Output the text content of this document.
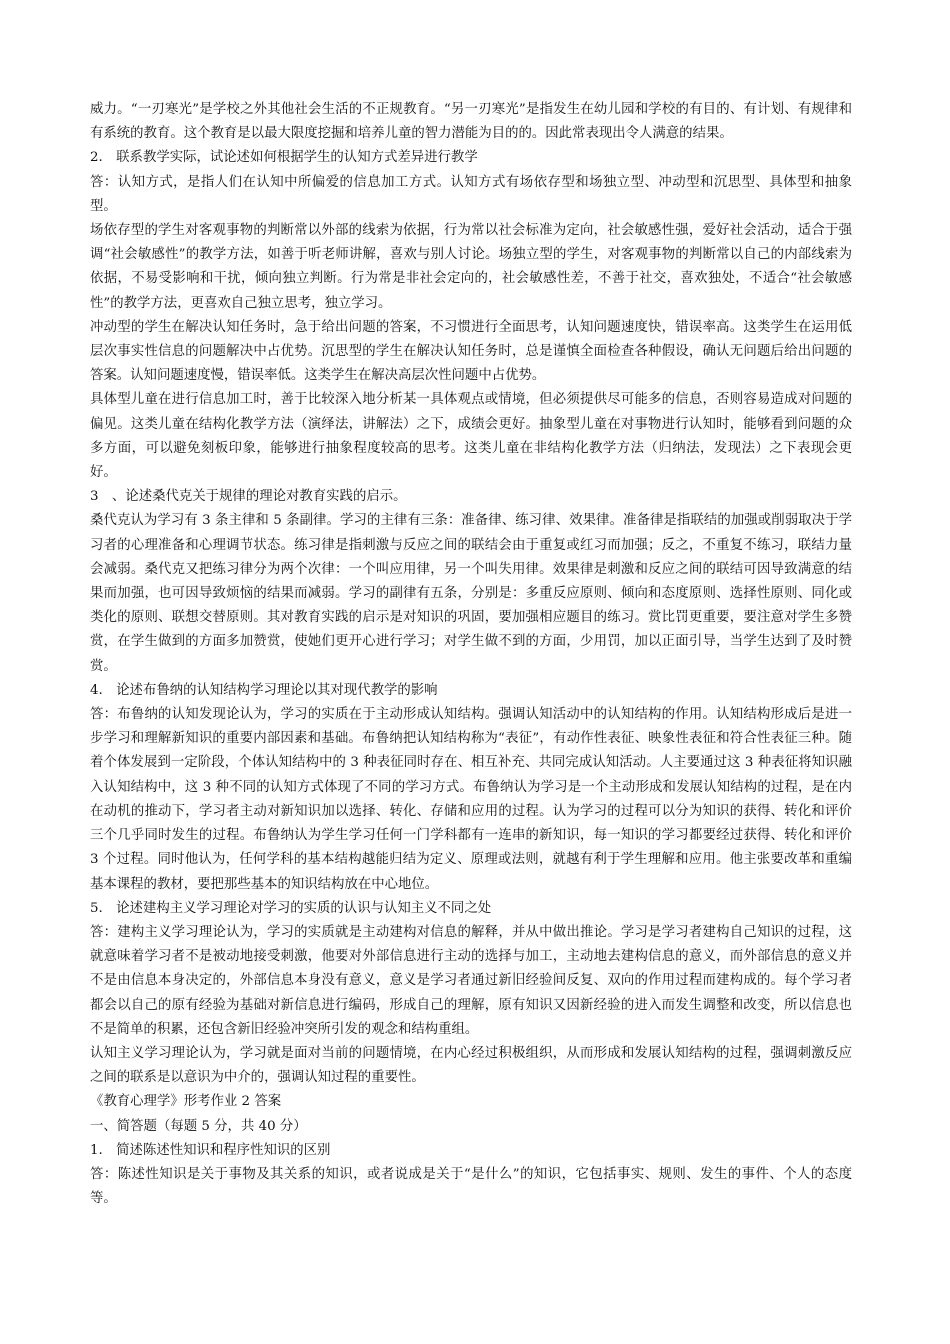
威力。“一刃寒光”是学校之外其他社会生活的不正规教育。“另一刃寒光”是指发生在幼儿园和学校的有目的、有计划、有规律和有系统的教育。这个教育是以最大限度挖掘和培养儿童的智力潜能为目的的。因此常表现出令人满意的结果。

2.　联系教学实际，试论述如何根据学生的认知方式差异进行教学

答：认知方式，是指人们在认知中所偏爱的信息加工方式。认知方式有场依存型和场独立型、冲动型和沉思型、具体型和抽象型。

场依存型的学生对客观事物的判断常以外部的线索为依据，行为常以社会标准为定向，社会敏感性强，爱好社会活动，适合于强调“社会敏感性”的教学方法，如善于听老师讲解，喜欢与别人讨论。场独立型的学生，对客观事物的判断常以自己的内部线索为依据，不易受影响和干扰，倾向独立判断。行为常是非社会定向的，社会敏感性差，不善于社交，喜欢独处，不适合“社会敏感性”的教学方法，更喜欢自己独立思考，独立学习。

冲动型的学生在解决认知任务时，急于给出问题的答案，不习惯进行全面思考，认知问题速度快，错误率高。这类学生在运用低层次事实性信息的问题解决中占优势。沉思型的学生在解决认知任务时，总是谨慎全面检查各种假设，确认无问题后给出问题的答案。认知问题速度慢，错误率低。这类学生在解决高层次性问题中占优势。

具体型儿童在进行信息加工时，善于比较深入地分析某一具体观点或情境，但必须提供尽可能多的信息，否则容易造成对问题的偏见。这类儿童在结构化教学方法（演绎法，讲解法）之下，成绩会更好。抽象型儿童在对事物进行认知时，能够看到问题的众多方面，可以避免刻板印象，能够进行抽象程度较高的思考。这类儿童在非结构化教学方法（归纳法，发现法）之下表现会更好。

3　、论述桑代克关于规律的理论对教育实践的启示。

桑代克认为学习有 3 条主律和 5 条副律。学习的主律有三条：准备律、练习律、效果律。准备律是指联结的加强或削弱取决于学习者的心理准备和心理调节状态。练习律是指刺激与反应之间的联结会由于重复或红习而加强；反之，不重复不练习，联结力量会减弱。桑代克又把练习律分为两个次律：一个叫应用律，另一个叫失用律。效果律是刺激和反应之间的联结可因导致满意的结果而加强，也可因导致烦恼的结果而减弱。学习的副律有五条，分别是：多重反应原则、倾向和态度原则、选择性原则、同化或类化的原则、联想交替原则。其对教育实践的启示是对知识的巩固，要加强相应题目的练习。赏比罚更重要，要注意对学生多赞赏，在学生做到的方面多加赞赏，使她们更开心进行学习；对学生做不到的方面，少用罚，加以正面引导，当学生达到了及时赞赏。

4.　论述布鲁纳的认知结构学习理论以其对现代教学的影响

答：布鲁纳的认知发现论认为，学习的实质在于主动形成认知结构。强调认知活动中的认知结构的作用。认知结构形成后是进一步学习和理解新知识的重要内部因素和基础。布鲁纳把认知结构称为“表征”，有动作性表征、映象性表征和符合性表征三种。随着个体发展到一定阶段，个体认知结构中的 3 种表征同时存在、相互补充、共同完成认知活动。人主要通过这 3 种表征将知识融入认知结构中，这 3 种不同的认知方式体现了不同的学习方式。布鲁纳认为学习是一个主动形成和发展认知结构的过程，是在内在动机的推动下，学习者主动对新知识加以选择、转化、存储和应用的过程。认为学习的过程可以分为知识的获得、转化和评价三个几乎同时发生的过程。布鲁纳认为学生学习任何一门学科都有一连串的新知识，每一知识的学习都要经过获得、转化和评价 3 个过程。同时他认为，任何学科的基本结构越能归结为定义、原理或法则，就越有利于学生理解和应用。他主张要改革和重编基本课程的教材，要把那些基本的知识结构放在中心地位。

5.　论述建构主义学习理论对学习的实质的认识与认知主义不同之处

答：建构主义学习理论认为，学习的实质就是主动建构对信息的解释，并从中做出推论。学习是学习者建构自己知识的过程，这就意味着学习者不是被动地接受刺激，他要对外部信息进行主动的选择与加工，主动地去建构信息的意义，而外部信息的意义并不是由信息本身决定的，外部信息本身没有意义，意义是学习者通过新旧经验间反复、双向的作用过程而建构成的。每个学习者都会以自己的原有经验为基础对新信息进行编码，形成自己的理解，原有知识又因新经验的进入而发生调整和改变，所以信息也不是简单的积累，还包含新旧经验冲突所引发的观念和结构重组。

认知主义学习理论认为，学习就是面对当前的问题情境，在内心经过积极组织，从而形成和发展认知结构的过程，强调刺激反应之间的联系是以意识为中介的，强调认知过程的重要性。

《教育心理学》形考作业 2 答案

一、简答题（每题 5 分，共 40 分）

1.　简述陈述性知识和程序性知识的区别

答：陈述性知识是关于事物及其关系的知识，或者说成是关于“是什么”的知识，它包括事实、规则、发生的事件、个人的态度等。
